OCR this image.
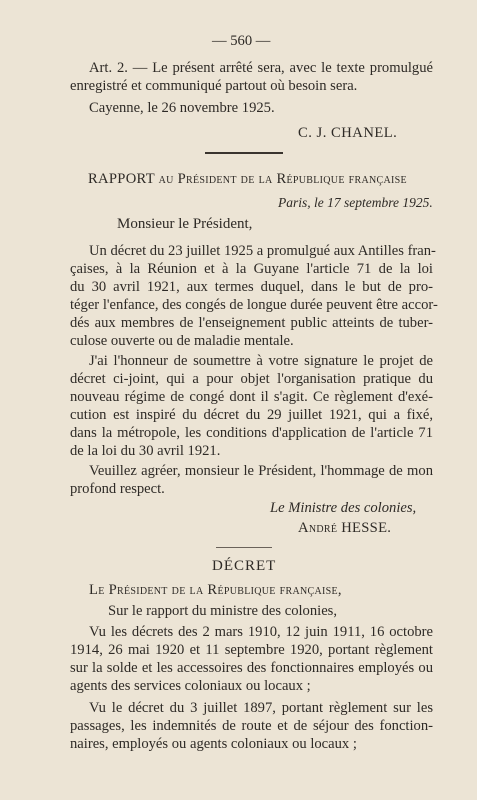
— 560 —
Art. 2. — Le présent arrêté sera, avec le texte promulgué
enregistré et communiqué partout où besoin sera.
Cayenne, le 26 novembre 1925.
C. J. CHANEL.
RAPPORT au Président de la République française
Paris, le 17 septembre 1925.
Monsieur le Président,
Un décret du 23 juillet 1925 a promulgué aux Antilles fran-
çaises, à la Réunion et à la Guyane l'article 71 de la loi
du 30 avril 1921, aux termes duquel, dans le but de pro-
téger l'enfance, des congés de longue durée peuvent être accor-
dés aux membres de l'enseignement public atteints de tuber-
culose ouverte ou de maladie mentale.
J'ai l'honneur de soumettre à votre signature le projet de
décret ci-joint, qui a pour objet l'organisation pratique du
nouveau régime de congé dont il s'agit. Ce règlement d'exé-
cution est inspiré du décret du 29 juillet 1921, qui a fixé,
dans la métropole, les conditions d'application de l'article 71
de la loi du 30 avril 1921.
Veuillez agréer, monsieur le Président, l'hommage de mon
profond respect.
Le Ministre des colonies,
André HESSE.
DÉCRET
Le Président de la République française,
Sur le rapport du ministre des colonies,
Vu les décrets des 2 mars 1910, 12 juin 1911, 16 octobre
1914, 26 mai 1920 et 11 septembre 1920, portant règlement
sur la solde et les accessoires des fonctionnaires employés ou
agents des services coloniaux ou locaux ;
Vu le décret du 3 juillet 1897, portant règlement sur les
passages, les indemnités de route et de séjour des fonction-
naires, employés ou agents coloniaux ou locaux ;
